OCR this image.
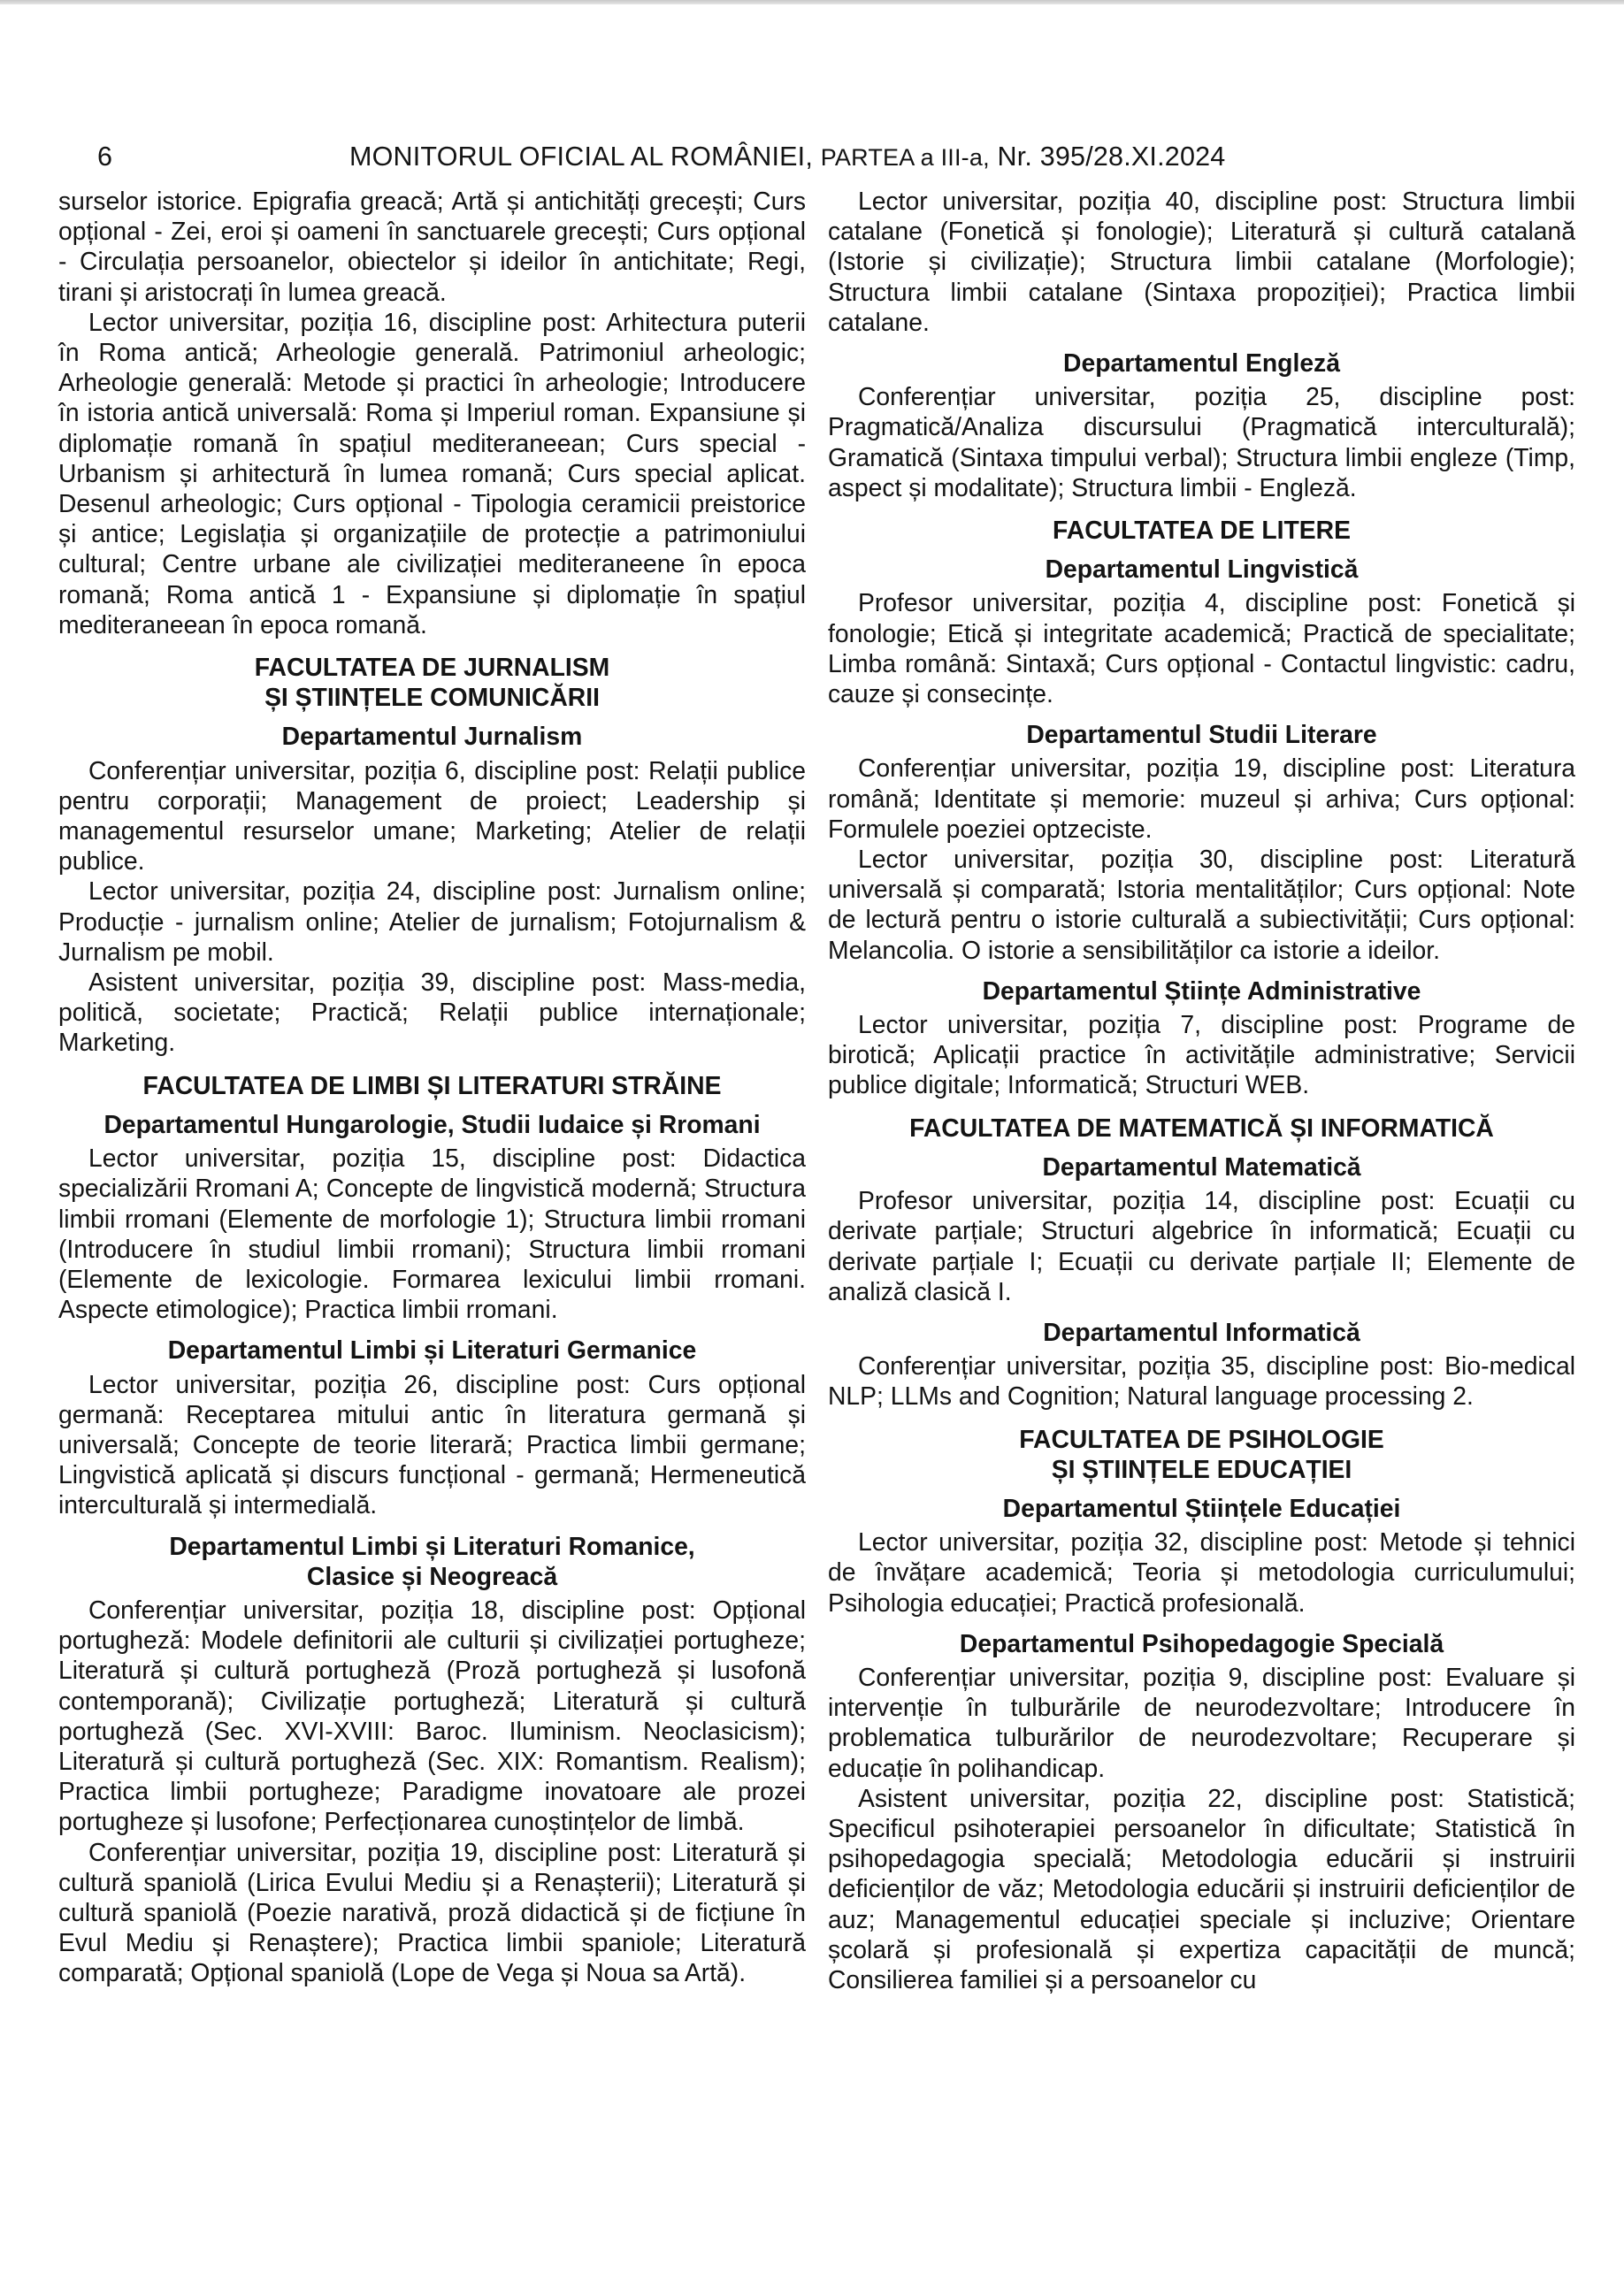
6	MONITORUL OFICIAL AL ROMÂNIEI, PARTEA a III-a, Nr. 395/28.XI.2024

surselor istorice. Epigrafia greacă; Artă și antichități grecești; Curs opțional - Zei, eroi și oameni în sanctuarele grecești; Curs opțional - Circulația persoanelor, obiectelor și ideilor în antichitate; Regi, tirani și aristocrați în lumea greacă.

Lector universitar, poziția 16, discipline post: Arhitectura puterii în Roma antică; Arheologie generală. Patrimoniul arheologic; Arheologie generală: Metode și practici în arheologie; Introducere în istoria antică universală: Roma și Imperiul roman. Expansiune și diplomație romană în spațiul mediteraneean; Curs special - Urbanism și arhitectură în lumea romană; Curs special aplicat. Desenul arheologic; Curs opțional - Tipologia ceramicii preistorice și antice; Legislația și organizațiile de protecție a patrimoniului cultural; Centre urbane ale civilizației mediteraneene în epoca romană; Roma antică 1 - Expansiune și diplomație în spațiul mediteraneean în epoca romană.

FACULTATEA DE JURNALISM
ȘI ȘTIINȚELE COMUNICĂRII
Departamentul Jurnalism

Conferențiar universitar, poziția 6, discipline post: Relații publice pentru corporații; Management de proiect; Leadership și managementul resurselor umane; Marketing; Atelier de relații publice.

Lector universitar, poziția 24, discipline post: Jurnalism online; Producție - jurnalism online; Atelier de jurnalism; Fotojurnalism & Jurnalism pe mobil.

Asistent universitar, poziția 39, discipline post: Mass-media, politică, societate; Practică; Relații publice internaționale; Marketing.

FACULTATEA DE LIMBI ȘI LITERATURI STRĂINE
Departamentul Hungarologie, Studii Iudaice și Rromani

Lector universitar, poziția 15, discipline post: Didactica specializării Rromani A; Concepte de lingvistică modernă; Structura limbii rromani (Elemente de morfologie 1); Structura limbii rromani (Introducere în studiul limbii rromani); Structura limbii rromani (Elemente de lexicologie. Formarea lexicului limbii rromani. Aspecte etimologice); Practica limbii rromani.

Departamentul Limbi și Literaturi Germanice

Lector universitar, poziția 26, discipline post: Curs opțional germană: Receptarea mitului antic în literatura germană și universală; Concepte de teorie literară; Practica limbii germane; Lingvistică aplicată și discurs funcțional - germană; Hermeneutică interculturală și intermedială.

Departamentul Limbi și Literaturi Romanice,
Clasice și Neogreacă

Conferențiar universitar, poziția 18, discipline post: Opțional portugheză: Modele definitorii ale culturii și civilizației portugheze; Literatură și cultură portugheză (Proză portugheză și lusofonă contemporană); Civilizație portugheză; Literatură și cultură portugheză (Sec. XVI-XVIII: Baroc. Iluminism. Neoclasicism); Literatură și cultură portugheză (Sec. XIX: Romantism. Realism); Practica limbii portugheze; Paradigme inovatoare ale prozei portugheze și lusofone; Perfecționarea cunoștințelor de limbă.

Conferențiar universitar, poziția 19, discipline post: Literatură și cultură spaniolă (Lirica Evului Mediu și a Renașterii); Literatură și cultură spaniolă (Poezie narativă, proză didactică și de ficțiune în Evul Mediu și Renaștere); Practica limbii spaniole; Literatură comparată; Opțional spaniolă (Lope de Vega și Noua sa Artă).

Lector universitar, poziția 40, discipline post: Structura limbii catalane (Fonetică și fonologie); Literatură și cultură catalană (Istorie și civilizație); Structura limbii catalane (Morfologie); Structura limbii catalane (Sintaxa propoziției); Practica limbii catalane.

Departamentul Engleză

Conferențiar universitar, poziția 25, discipline post: Pragmatică/Analiza discursului (Pragmatică interculturală); Gramatică (Sintaxa timpului verbal); Structura limbii engleze (Timp, aspect și modalitate); Structura limbii - Engleză.

FACULTATEA DE LITERE
Departamentul Lingvistică

Profesor universitar, poziția 4, discipline post: Fonetică și fonologie; Etică și integritate academică; Practică de specialitate; Limba română: Sintaxă; Curs opțional - Contactul lingvistic: cadru, cauze și consecințe.

Departamentul Studii Literare

Conferențiar universitar, poziția 19, discipline post: Literatura română; Identitate și memorie: muzeul și arhiva; Curs opțional: Formulele poeziei optzeciste.

Lector universitar, poziția 30, discipline post: Literatură universală și comparată; Istoria mentalităților; Curs opțional: Note de lectură pentru o istorie culturală a subiectivității; Curs opțional: Melancolia. O istorie a sensibilităților ca istorie a ideilor.

Departamentul Științe Administrative

Lector universitar, poziția 7, discipline post: Programe de birotică; Aplicații practice în activitățile administrative; Servicii publice digitale; Informatică; Structuri WEB.

FACULTATEA DE MATEMATICĂ ȘI INFORMATICĂ
Departamentul Matematică

Profesor universitar, poziția 14, discipline post: Ecuații cu derivate parțiale; Structuri algebrice în informatică; Ecuații cu derivate parțiale I; Ecuații cu derivate parțiale II; Elemente de analiză clasică I.

Departamentul Informatică

Conferențiar universitar, poziția 35, discipline post: Bio-medical NLP; LLMs and Cognition; Natural language processing 2.

FACULTATEA DE PSIHOLOGIE
ȘI ȘTIINȚELE EDUCAȚIEI
Departamentul Științele Educației

Lector universitar, poziția 32, discipline post: Metode și tehnici de învățare academică; Teoria și metodologia curriculumului; Psihologia educației; Practică profesională.

Departamentul Psihopedagogie Specială

Conferențiar universitar, poziția 9, discipline post: Evaluare și intervenție în tulburările de neurodezvoltare; Introducere în problematica tulburărilor de neurodezvoltare; Recuperare și educație în polihandicap.

Asistent universitar, poziția 22, discipline post: Statistică; Specificul psihoterapiei persoanelor în dificultate; Statistică în psihopedagogia specială; Metodologia educării și instruirii deficienților de văz; Metodologia educării și instruirii deficienților de auz; Managementul educației speciale și incluzive; Orientare școlară și profesională și expertiza capacității de muncă; Consilierea familiei și a persoanelor cu
